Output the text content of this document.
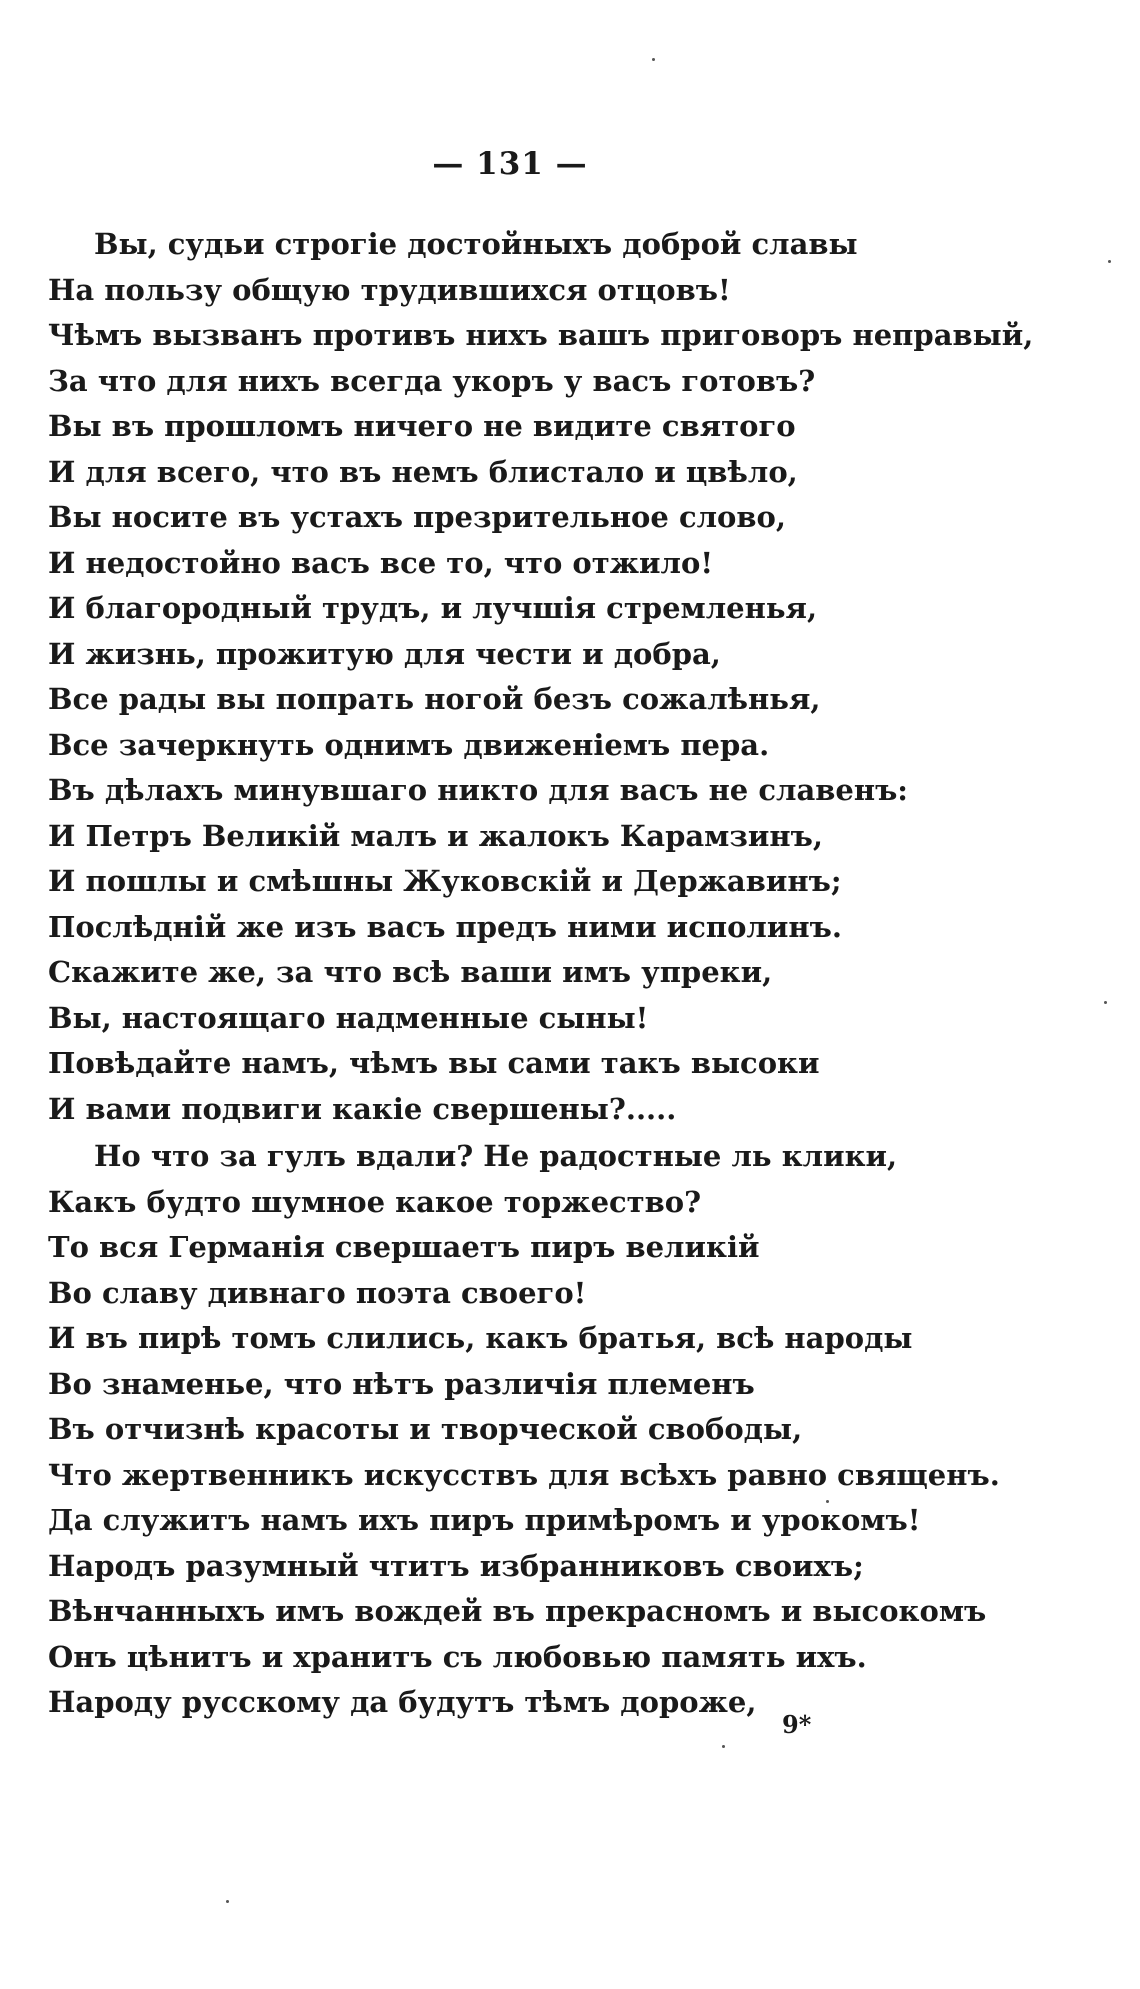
— 131 —
Вы, судьи строгіе достойныхъ доброй славы
На пользу общую трудившихся отцовъ!
Чѣмъ вызванъ противъ нихъ вашъ приговоръ неправый,
За что для нихъ всегда укоръ у васъ готовъ?
Вы въ прошломъ ничего не видите святого
И для всего, что въ немъ блистало и цвѣло,
Вы носите въ устахъ презрительное слово,
И недостойно васъ все то, что отжило!
И благородный трудъ, и лучшія стремленья,
И жизнь, прожитую для чести и добра,
Все рады вы попрать ногой безъ сожалѣнья,
Все зачеркнуть однимъ движеніемъ пера.
Въ дѣлахъ минувшаго никто для васъ не славенъ:
И Петръ Великій малъ и жалокъ Карамзинъ,
И пошлы и смѣшны Жуковскій и Державинъ;
Послѣдній же изъ васъ предъ ними исполинъ.
Скажите же, за что всѣ ваши имъ упреки,
Вы, настоящаго надменные сыны!
Повѣдайте намъ, чѣмъ вы сами такъ высоки
И вами подвиги какіе свершены?.....
Но что за гулъ вдали? Не радостные ль клики,
Какъ будто шумное какое торжество?
То вся Германія свершаетъ пиръ великій
Во славу дивнаго поэта своего!
И въ пирѣ томъ слились, какъ братья, всѣ народы
Во знаменье, что нѣтъ различія племенъ
Въ отчизнѣ красоты и творческой свободы,
Что жертвенникъ искусствъ для всѣхъ равно священъ.
Да служитъ намъ ихъ пиръ примѣромъ и урокомъ!
Народъ разумный чтитъ избранниковъ своихъ;
Вѣнчанныхъ имъ вождей въ прекрасномъ и высокомъ
Онъ цѣнитъ и хранитъ съ любовью память ихъ.
Народу русскому да будутъ тѣмъ дороже,
9*
